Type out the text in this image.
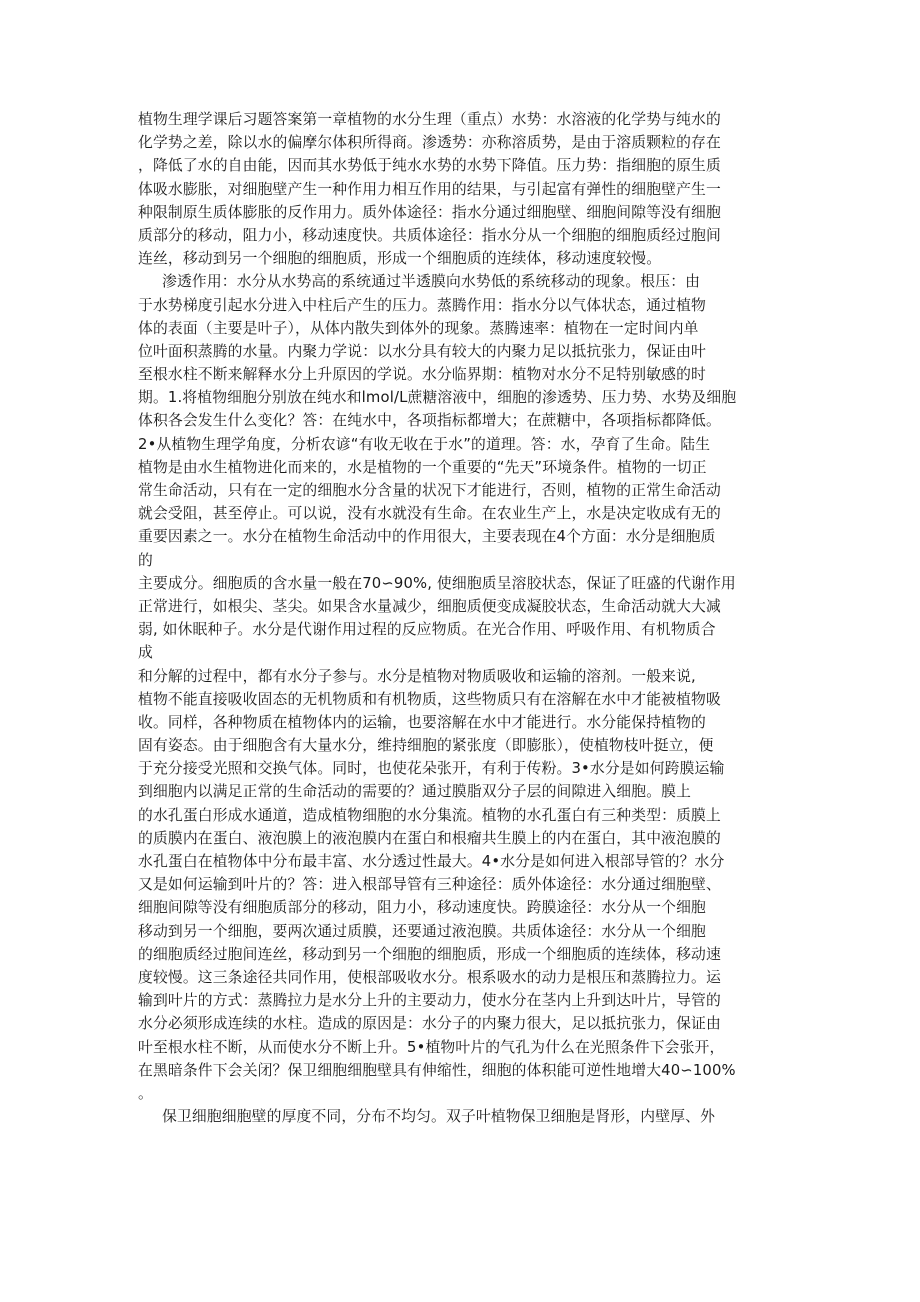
植物生理学课后习题答案第一章植物的水分生理（重点）水势：水溶液的化学势与纯水的
化学势之差，除以水的偏摩尔体积所得商。渗透势：亦称溶质势，是由于溶质颗粒的存在
，降低了水的自由能，因而其水势低于纯水水势的水势下降值。压力势：指细胞的原生质
体吸水膨胀，对细胞壁产生一种作用力相互作用的结果，与引起富有弹性的细胞壁产生一
种限制原生质体膨胀的反作用力。质外体途径：指水分通过细胞壁、细胞间隙等没有细胞
质部分的移动，阻力小，移动速度快。共质体途径：指水分从一个细胞的细胞质经过胞间
连丝，移动到另一个细胞的细胞质，形成一个细胞质的连续体，移动速度较慢。
渗透作用：水分从水势高的系统通过半透膜向水势低的系统移动的现象。根压：由
于水势梯度引起水分进入中柱后产生的压力。蒸腾作用：指水分以气体状态，通过植物
体的表面（主要是叶子），从体内散失到体外的现象。蒸腾速率：植物在一定时间内单
位叶面积蒸腾的水量。内聚力学说：以水分具有较大的内聚力足以抵抗张力，保证由叶
至根水柱不断来解释水分上升原因的学说。水分临界期：植物对水分不足特别敏感的时
期。1.将植物细胞分别放在纯水和lmol/L蔗糖溶液中，细胞的渗透势、压力势、水势及细胞
体积各会发生什么变化？答：在纯水中，各项指标都增大；在蔗糖中，各项指标都降低。
2•从植物生理学角度，分析农谚“有收无收在于水”的道理。答：水，孕育了生命。陆生
植物是由水生植物进化而来的，水是植物的一个重要的“先天”环境条件。植物的一切正
常生命活动，只有在一定的细胞水分含量的状况下才能进行，否则，植物的正常生命活动
就会受阻，甚至停止。可以说，没有水就没有生命。在农业生产上，水是决定收成有无的
重要因素之一。水分在植物生命活动中的作用很大，主要表现在4个方面：水分是细胞质
的
主要成分。细胞质的含水量一般在70∽90%, 使细胞质呈溶胶状态，保证了旺盛的代谢作用
正常进行，如根尖、茎尖。如果含水量减少，细胞质便变成凝胶状态，生命活动就大大减
弱, 如休眠种子。水分是代谢作用过程的反应物质。在光合作用、呼吸作用、有机物质合
成
和分解的过程中，都有水分子参与。水分是植物对物质吸收和运输的溶剂。一般来说,
植物不能直接吸收固态的无机物质和有机物质，这些物质只有在溶解在水中才能被植物吸
收。同样，各种物质在植物体内的运输，也要溶解在水中才能进行。水分能保持植物的
固有姿态。由于细胞含有大量水分，维持细胞的紧张度（即膨胀），使植物枝叶挺立，便
于充分接受光照和交换气体。同时，也使花朵张开，有利于传粉。3•水分是如何跨膜运输
到细胞内以满足正常的生命活动的需要的？通过膜脂双分子层的间隙进入细胞。膜上
的水孔蛋白形成水通道，造成植物细胞的水分集流。植物的水孔蛋白有三种类型：质膜上
的质膜内在蛋白、液泡膜上的液泡膜内在蛋白和根瘤共生膜上的内在蛋白，其中液泡膜的
水孔蛋白在植物体中分布最丰富、水分透过性最大。4•水分是如何进入根部导管的？水分
又是如何运输到叶片的？答：进入根部导管有三种途径：质外体途径：水分通过细胞壁、
细胞间隙等没有细胞质部分的移动，阻力小，移动速度快。跨膜途径：水分从一个细胞
移动到另一个细胞，要两次通过质膜，还要通过液泡膜。共质体途径：水分从一个细胞
的细胞质经过胞间连丝，移动到另一个细胞的细胞质，形成一个细胞质的连续体，移动速
度较慢。这三条途径共同作用，使根部吸收水分。根系吸水的动力是根压和蒸腾拉力。运
输到叶片的方式：蒸腾拉力是水分上升的主要动力，使水分在茎内上升到达叶片，导管的
水分必须形成连续的水柱。造成的原因是：水分子的内聚力很大，足以抵抗张力，保证由
叶至根水柱不断，从而使水分不断上升。5•植物叶片的气孔为什么在光照条件下会张开，
在黑暗条件下会关闭？保卫细胞细胞壁具有伸缩性，细胞的体积能可逆性地增大40∽100%
。
保卫细胞细胞壁的厚度不同，分布不均匀。双子叶植物保卫细胞是肾形，内壁厚、外
